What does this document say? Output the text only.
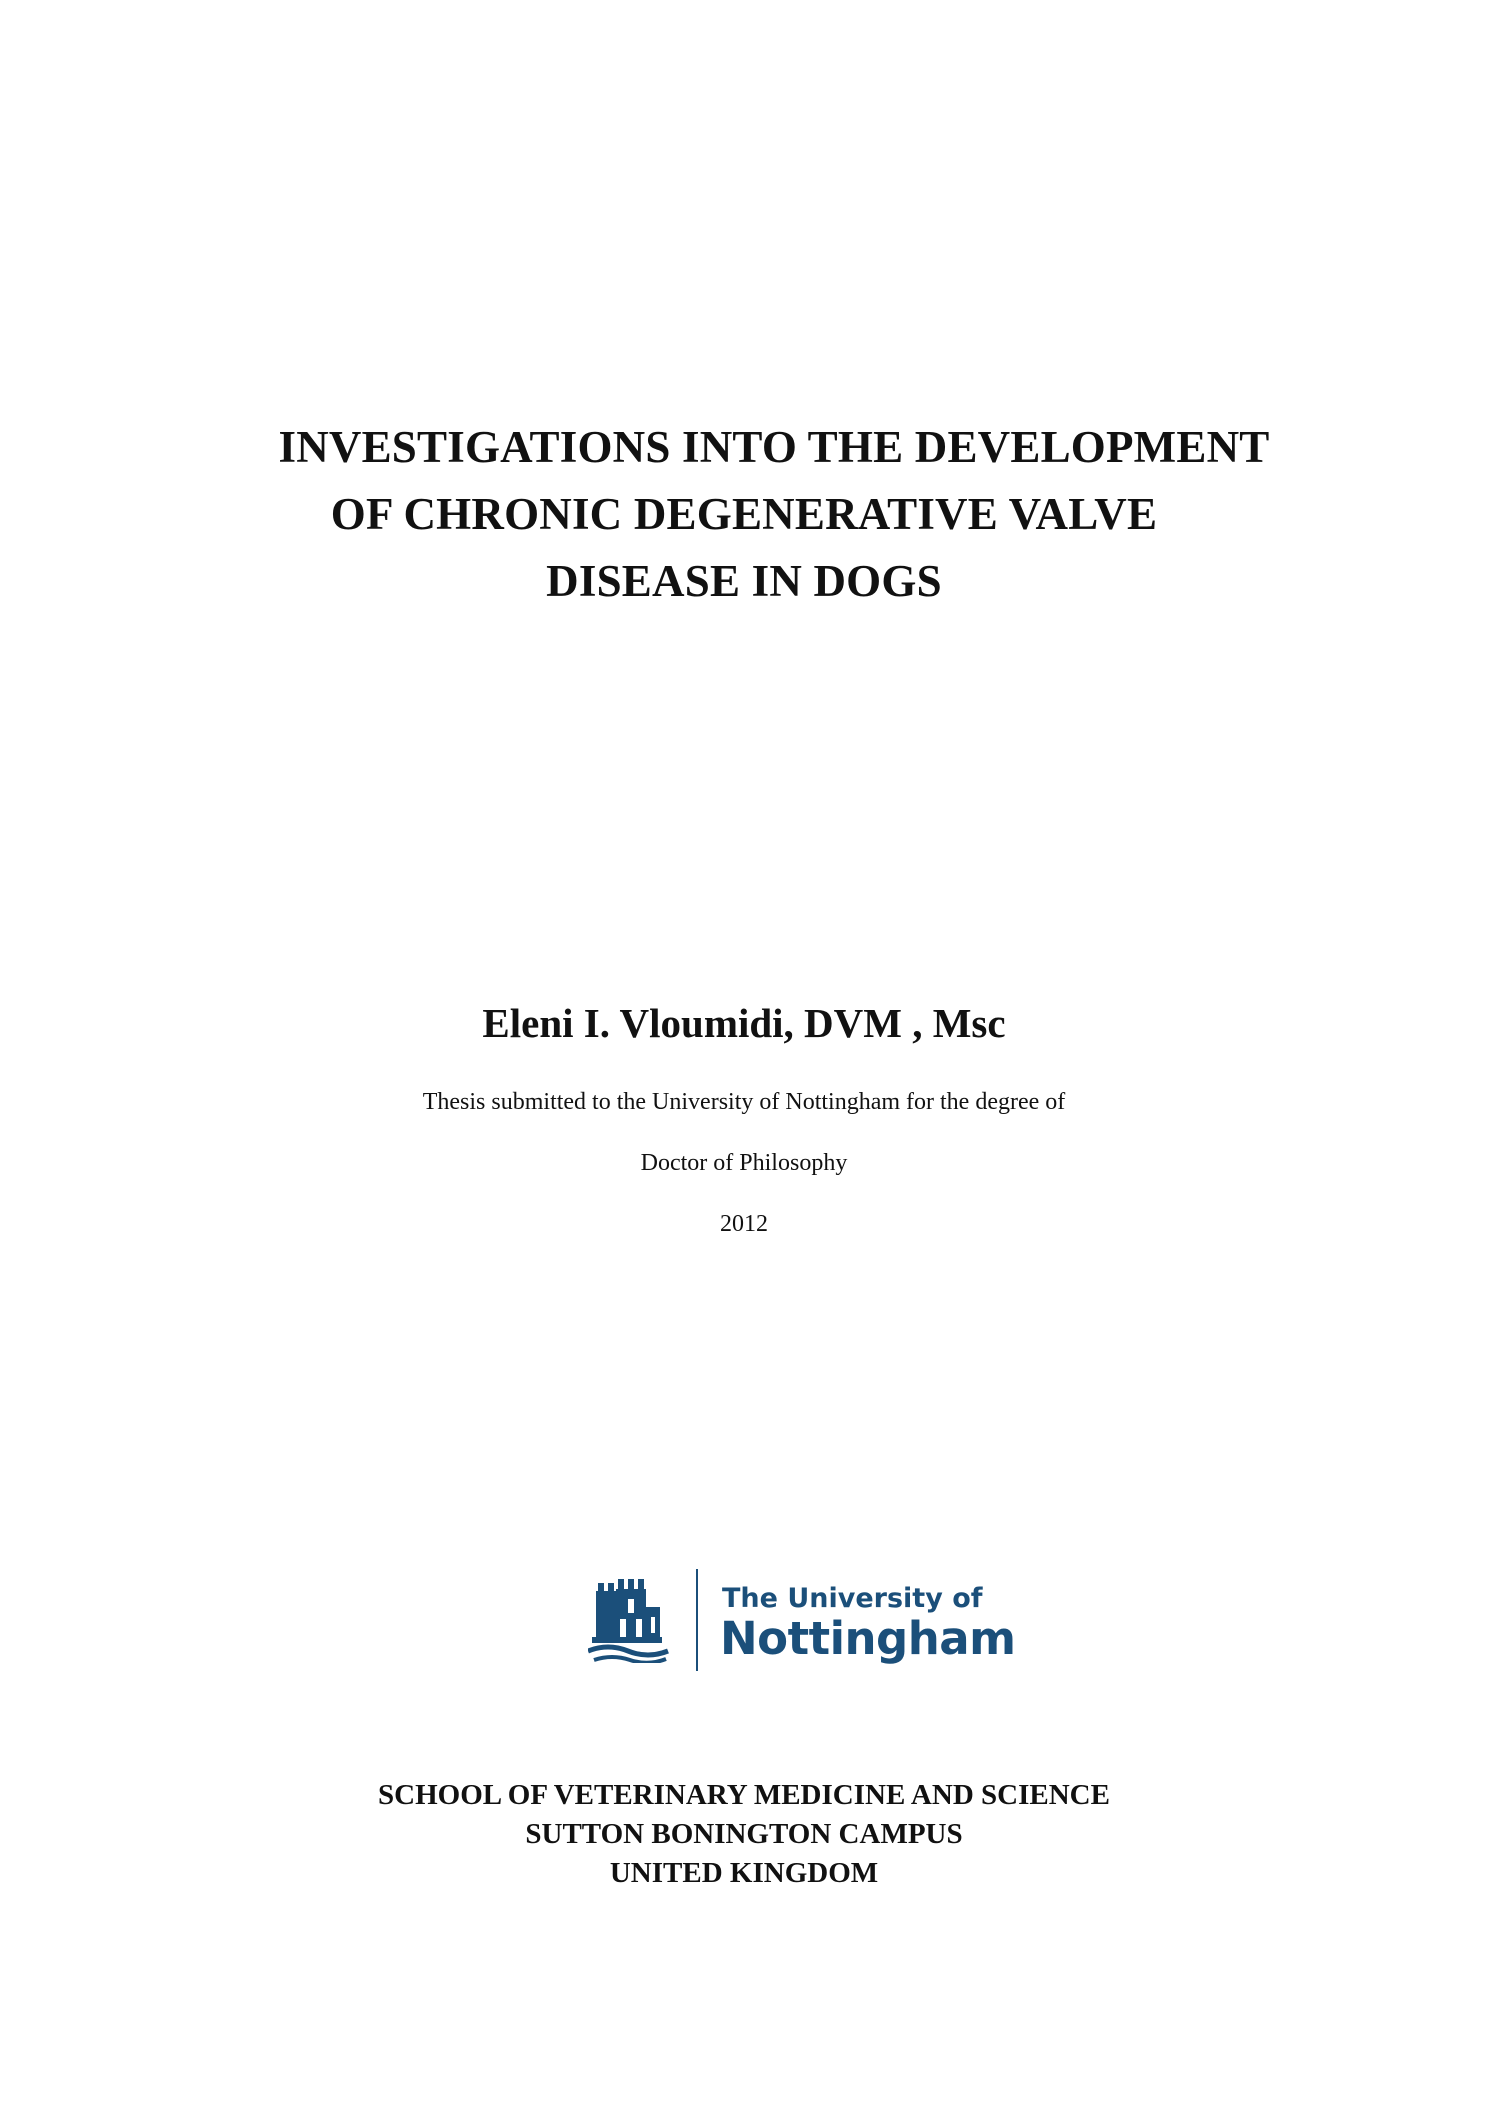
INVESTIGATIONS INTO THE DEVELOPMENT
OF CHRONIC DEGENERATIVE VALVE
DISEASE IN DOGS
Eleni I. Vloumidi, DVM , Msc
Thesis submitted to the University of Nottingham for the degree of
Doctor of Philosophy
2012
The University of
Nottingham
SCHOOL OF VETERINARY MEDICINE AND SCIENCE
SUTTON BONINGTON CAMPUS
UNITED KINGDOM
